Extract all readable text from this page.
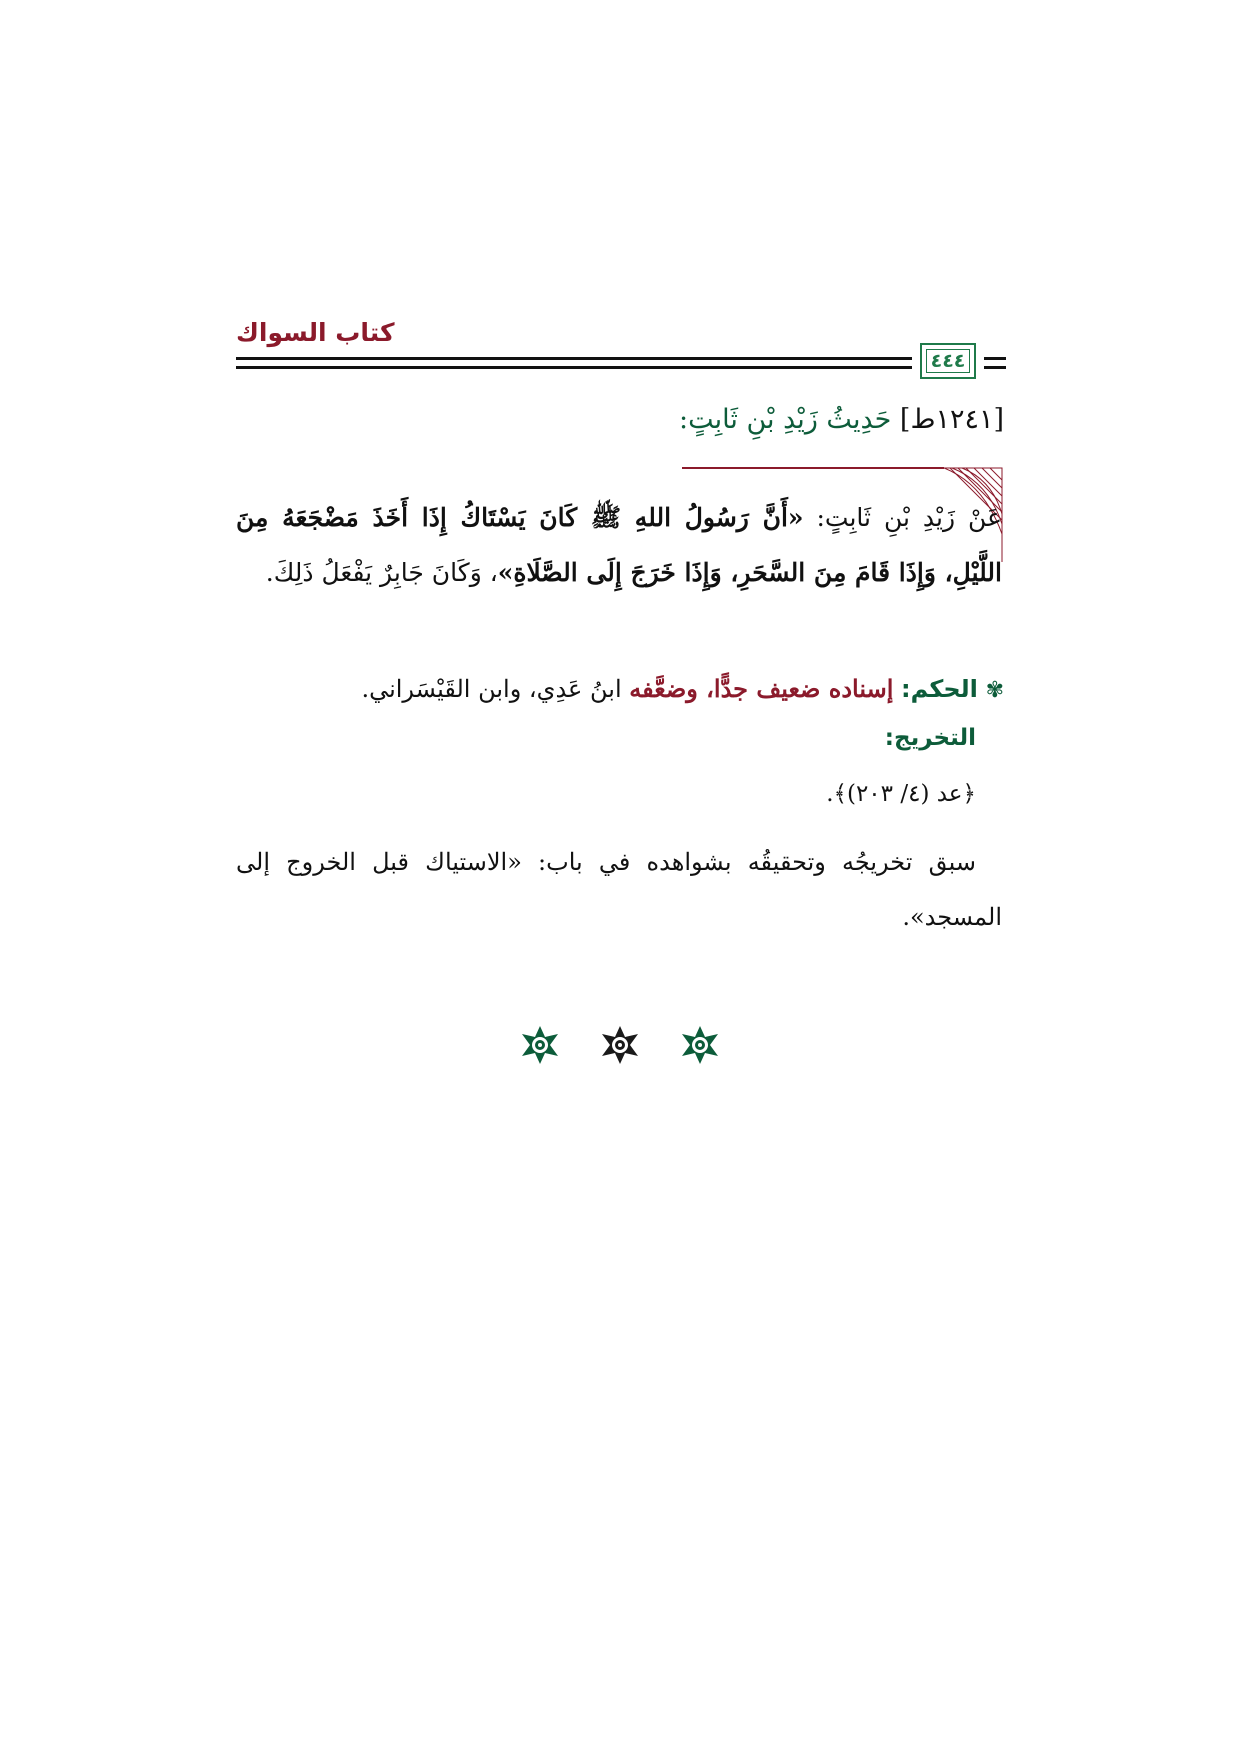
كتاب السواك
٤٤٤
[١٢٤١ط] حَدِيثُ زَيْدِ بْنِ ثَابِتٍ:
عَنْ زَيْدِ بْنِ ثَابِتٍ: «أَنَّ رَسُولُ اللهِ ﷺ كَانَ يَسْتَاكُ إِذَا أَخَذَ مَضْجَعَهُ مِنَ اللَّيْلِ، وَإِذَا قَامَ مِنَ السَّحَرِ، وَإِذَا خَرَجَ إِلَى الصَّلَاةِ»، وَكَانَ جَابِرٌ يَفْعَلُ ذَلِكَ.
✾ الحكم: إسناده ضعيف جدًّا، وضعَّفه ابنُ عَدِي، وابن القَيْسَراني.
التخريج:
﴿عد (٤/ ٢٠٣)﴾.
سبق تخريجُه وتحقيقُه بشواهده في باب: «الاستياك قبل الخروج إلى المسجد».
